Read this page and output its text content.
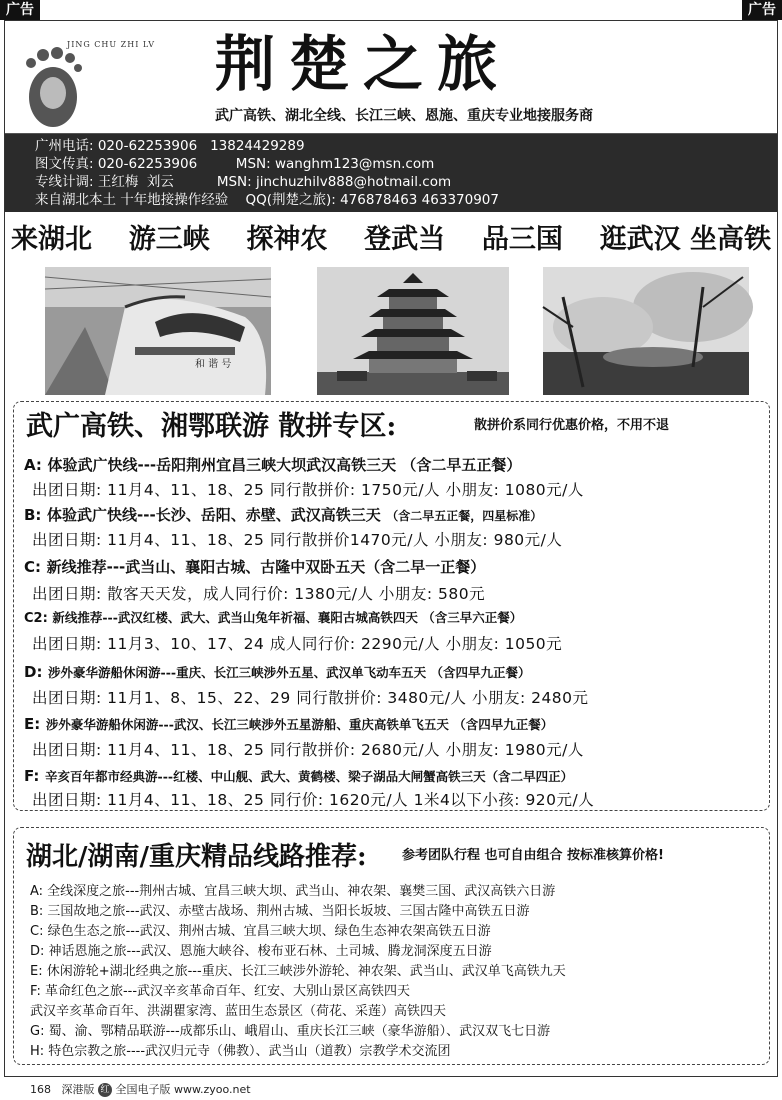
广告	广告
JING CHU ZHI LV 荆楚之旅
武广高铁、湖北全线、长江三峡、恩施、重庆专业地接服务商
广州电话: 020-62253906   13824429289
图文传真: 020-62253906         MSN: wanghm123@msn.com
专线计调: 王红梅  刘云          MSN: jinchuzhilv888@hotmail.com
来自湖北本土 十年地接操作经验    QQ(荆楚之旅): 476878463 463370907
来湖北 游三峡 探神农 登武当 品三国 逛武汉 坐高铁
和 谐 号
武广高铁、湘鄂联游 散拼专区:	散拼价系同行优惠价格，不用不退
A: 体验武广快线---岳阳荆州宜昌三峡大坝武汉高铁三天 （含二早五正餐）
出团日期: 11月4、11、18、25 同行散拼价: 1750元/人 小朋友: 1080元/人
B: 体验武广快线---长沙、岳阳、赤壁、武汉高铁三天 （含二早五正餐，四星标准）
出团日期: 11月4、11、18、25 同行散拼价1470元/人 小朋友: 980元/人
C: 新线推荐---武当山、襄阳古城、古隆中双卧五天（含二早一正餐）
出团日期: 散客天天发，成人同行价: 1380元/人 小朋友: 580元
C2: 新线推荐---武汉红楼、武大、武当山兔年祈福、襄阳古城高铁四天 （含三早六正餐）
出团日期: 11月3、10、17、24 成人同行价: 2290元/人 小朋友: 1050元
D: 涉外豪华游船休闲游---重庆、长江三峡涉外五星、武汉单飞动车五天 （含四早九正餐）
出团日期: 11月1、8、15、22、29 同行散拼价: 3480元/人 小朋友: 2480元
E: 涉外豪华游船休闲游---武汉、长江三峡涉外五星游船、重庆高铁单飞五天 （含四早九正餐）
出团日期: 11月4、11、18、25 同行散拼价: 2680元/人 小朋友: 1980元/人
F: 辛亥百年都市经典游---红楼、中山舰、武大、黄鹤楼、梁子湖品大闸蟹高铁三天（含二早四正）
出团日期: 11月4、11、18、25 同行价: 1620元/人 1米4以下小孩: 920元/人
湖北/湖南/重庆精品线路推荐:	参考团队行程 也可自由组合 按标准核算价格!
A: 全线深度之旅---荆州古城、宜昌三峡大坝、武当山、神农架、襄樊三国、武汉高铁六日游
B: 三国故地之旅---武汉、赤壁古战场、荆州古城、当阳长坂坡、三国古隆中高铁五日游
C: 绿色生态之旅---武汉、荆州古城、宜昌三峡大坝、绿色生态神农架高铁五日游
D: 神话恩施之旅---武汉、恩施大峡谷、梭布亚石林、土司城、腾龙洞深度五日游
E: 休闲游轮+湖北经典之旅---重庆、长江三峡涉外游轮、神农架、武当山、武汉单飞高铁九天
F: 革命红色之旅---武汉辛亥革命百年、红安、大别山景区高铁四天
武汉辛亥革命百年、洪湖瞿家湾、蓝田生态景区（荷花、采莲）高铁四天
G: 蜀、渝、鄂精品联游---成都乐山、峨眉山、重庆长江三峡（豪华游船）、武汉双飞七日游
H: 特色宗教之旅----武汉归元寺（佛教）、武当山（道教）宗教学术交流团
168 深港版 红 全国电子版 www.zyoo.net
